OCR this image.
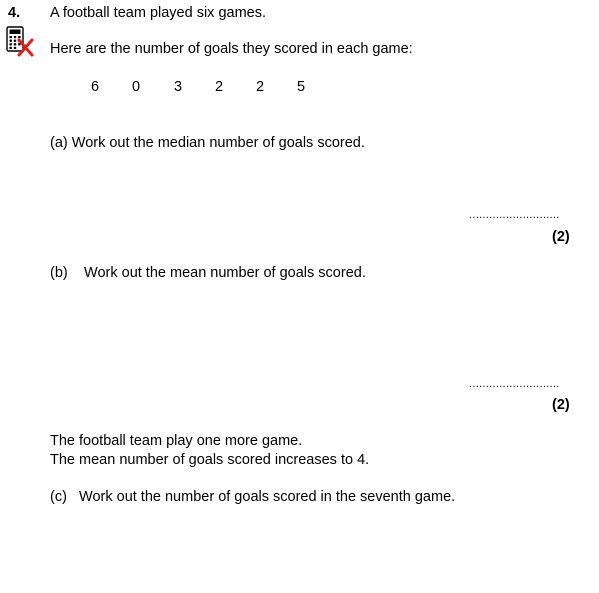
4. A football team played six games.
Here are the number of goals they scored in each game:
6 0 3 2 2 5
(a) Work out the median number of goals scored.
...........................
(2)
(b) Work out the mean number of goals scored.
...........................
(2)
The football team play one more game.
The mean number of goals scored increases to 4.
(c) Work out the number of goals scored in the seventh game.
